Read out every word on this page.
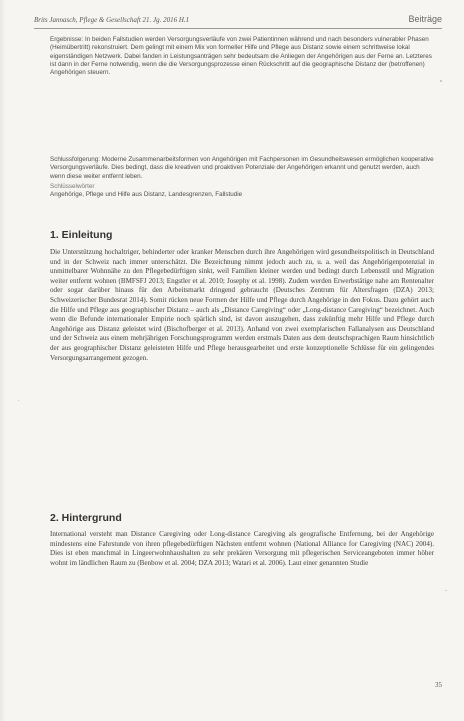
Brits Jannasch, Pflege & Gesellschaft 21. Jg. 2016 H.1	Beiträge
Ergebnisse: In beiden Fallstudien werden Versorgungsverläufe von zwei Patientinnen während und nach besonders vulnerabler Phasen (Heimübertritt) rekonstruiert. Dem gelingt mit einem Mix von formeller Hilfe und Pflege aus Distanz sowie einem schrittweise lokal eigenständigen Netzwerk. Dabei fanden in Leistungsanträgen sehr bedeutsam die Anliegen der Angehörigen aus der Ferne an. Letzteres ist dann in der Ferne notwendig, wenn die die Versorgungsprozesse einen Rückschritt auf die geographische Distanz der (betroffenen) Angehörigen steuern.
Schlussfolgerung: Moderne Zusammenarbeitsformen von Angehörigen mit Fachpersonen im Gesundheitswesen ermöglichen kooperative Versorgungsverläufe. Dies bedingt, dass die kreativen und proaktiven Potenziale der Angehörigen erkannt und genutzt werden, auch wenn diese weiter entfernt leben.
Schlüsselwörter
Angehörige, Pflege und Hilfe aus Distanz, Landesgrenzen, Fallstudie
1. Einleitung
Die Unterstützung hochaltriger, behinderter oder kranker Menschen durch ihre Angehörigen wird gesundheitspolitisch in Deutschland und in der Schweiz nach immer unterschätzt. Die Bezeichnung nimmt jedoch auch zu, u. a. weil das Angehörigenpotenzial in unmittelbarer Wohnnähe zu den Pflegebedürftigen sinkt, weil Familien kleiner werden und bedingt durch Lebensstil und Migration weiter entfernt wohnen (BMFSFJ 2013; Engstler et al. 2010; Josephy et al. 1998). Zudem werden Erwerbstätige nahe am Rentenalter oder sogar darüber hinaus für den Arbeitsmarkt dringend gebraucht (Deutsches Zentrum für Altersfragen (DZA) 2013; Schweizerischer Bundesrat 2014). Somit rücken neue Formen der Hilfe und Pflege durch Angehörige in den Fokus. Dazu gehört auch die Hilfe und Pflege aus geographischer Distanz – auch als „Distance Caregiving“ oder „Long-distance Caregiving“ bezeichnet. Auch wenn die Befunde internationaler Empirie noch spärlich sind, ist davon auszugehen, dass zukünftig mehr Hilfe und Pflege durch Angehörige aus Distanz geleistet wird (Bischofberger et al. 2013). Anhand von zwei exemplarischen Fallanalysen aus Deutschland und der Schweiz aus einem mehrjährigen Forschungsprogramm werden erstmals Daten aus dem deutschsprachigen Raum hinsichtlich der aus geographischer Distanz geleisteten Hilfe und Pflege herausgearbeitet und erste konzeptionelle Schlüsse für ein gelingendes Versorgungsarrangement gezogen.
2. Hintergrund
International versteht man Distance Caregiving oder Long-distance Caregiving als geografische Entfernung, bei der Angehörige mindestens eine Fahrstunde von ihren pflegebedürftigen Nächsten entfernt wohnen (National Alliance for Caregiving (NAC) 2004). Dies ist eben manchmal in Lingeerwohnhaushalten zu sehr prekären Versorgung mit pflegerischen Serviceangeboten immer höher wohnt im ländlichen Raum zu (Benbow et al. 2004; DZA 2013; Watari et al. 2006). Laut einer genannten Studie
35
